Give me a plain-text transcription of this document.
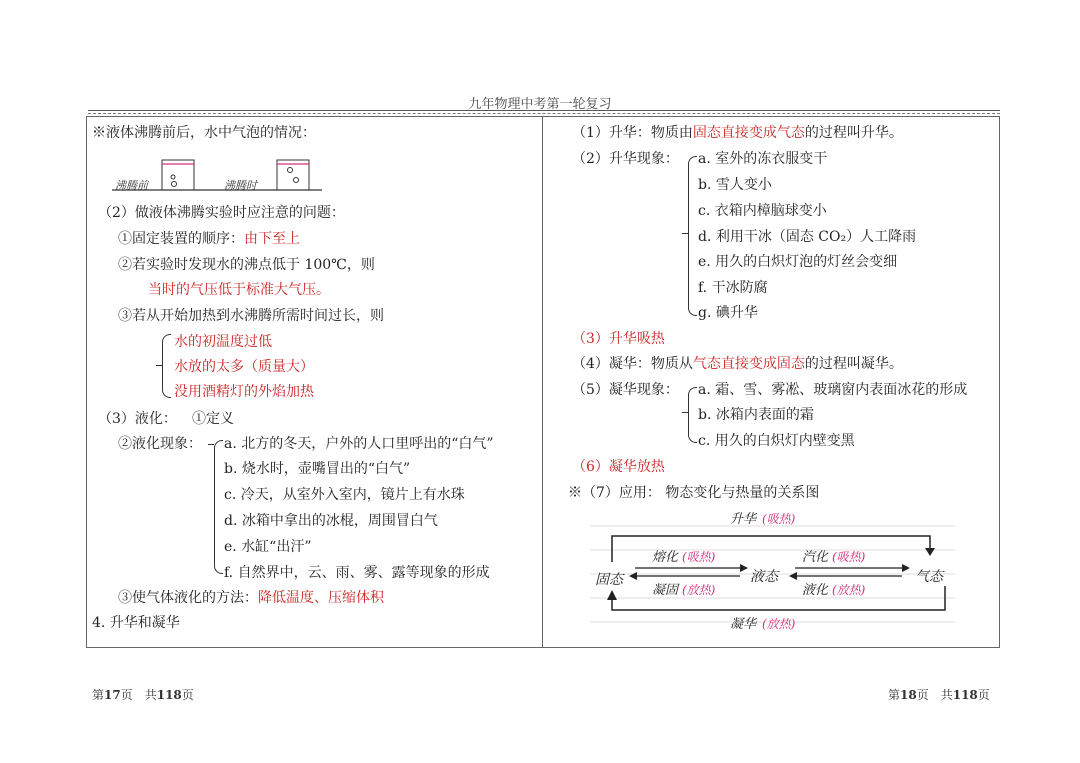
九年物理中考第一轮复习
※液体沸腾前后，水中气泡的情况：
沸腾前	沸腾时
（2）做液体沸腾实验时应注意的问题：
①固定装置的顺序：由下至上
②若实验时发现水的沸点低于 100℃，则
当时的气压低于标准大气压。
③若从开始加热到水沸腾所需时间过长，则
水的初温度过低
水放的太多（质量大）
没用酒精灯的外焰加热
（3）液化： ①定义
②液化现象： a. 北方的冬天，户外的人口里呼出的“白气”
b. 烧水时，壶嘴冒出的“白气”
c. 冷天，从室外入室内，镜片上有水珠
d. 冰箱中拿出的冰棍，周围冒白气
e. 水缸“出汗”
f. 自然界中，云、雨、雾、露等现象的形成
③使气体液化的方法：降低温度、压缩体积
4. 升华和凝华
（1）升华：物质由固态直接变成气态的过程叫升华。
（2）升华现象： a. 室外的冻衣服变干
b. 雪人变小
c. 衣箱内樟脑球变小
d. 利用干冰（固态 CO₂）人工降雨
e. 用久的白炽灯泡的灯丝会变细
f. 干冰防腐
g. 碘升华
（3）升华吸热
（4）凝华：物质从气态直接变成固态的过程叫凝华。
（5）凝华现象： a. 霜、雪、雾凇、玻璃窗内表面冰花的形成
b. 冰箱内表面的霜
c. 用久的白炽灯内壁变黑
（6）凝华放热
※（7）应用： 物态变化与热量的关系图
升华 (吸热)
固态	液态	气态
熔化 (吸热)
凝固 (放热)
汽化 (吸热)
液化 (放热)
凝华 (放热)
第17页　共118页	第18页　共118页
